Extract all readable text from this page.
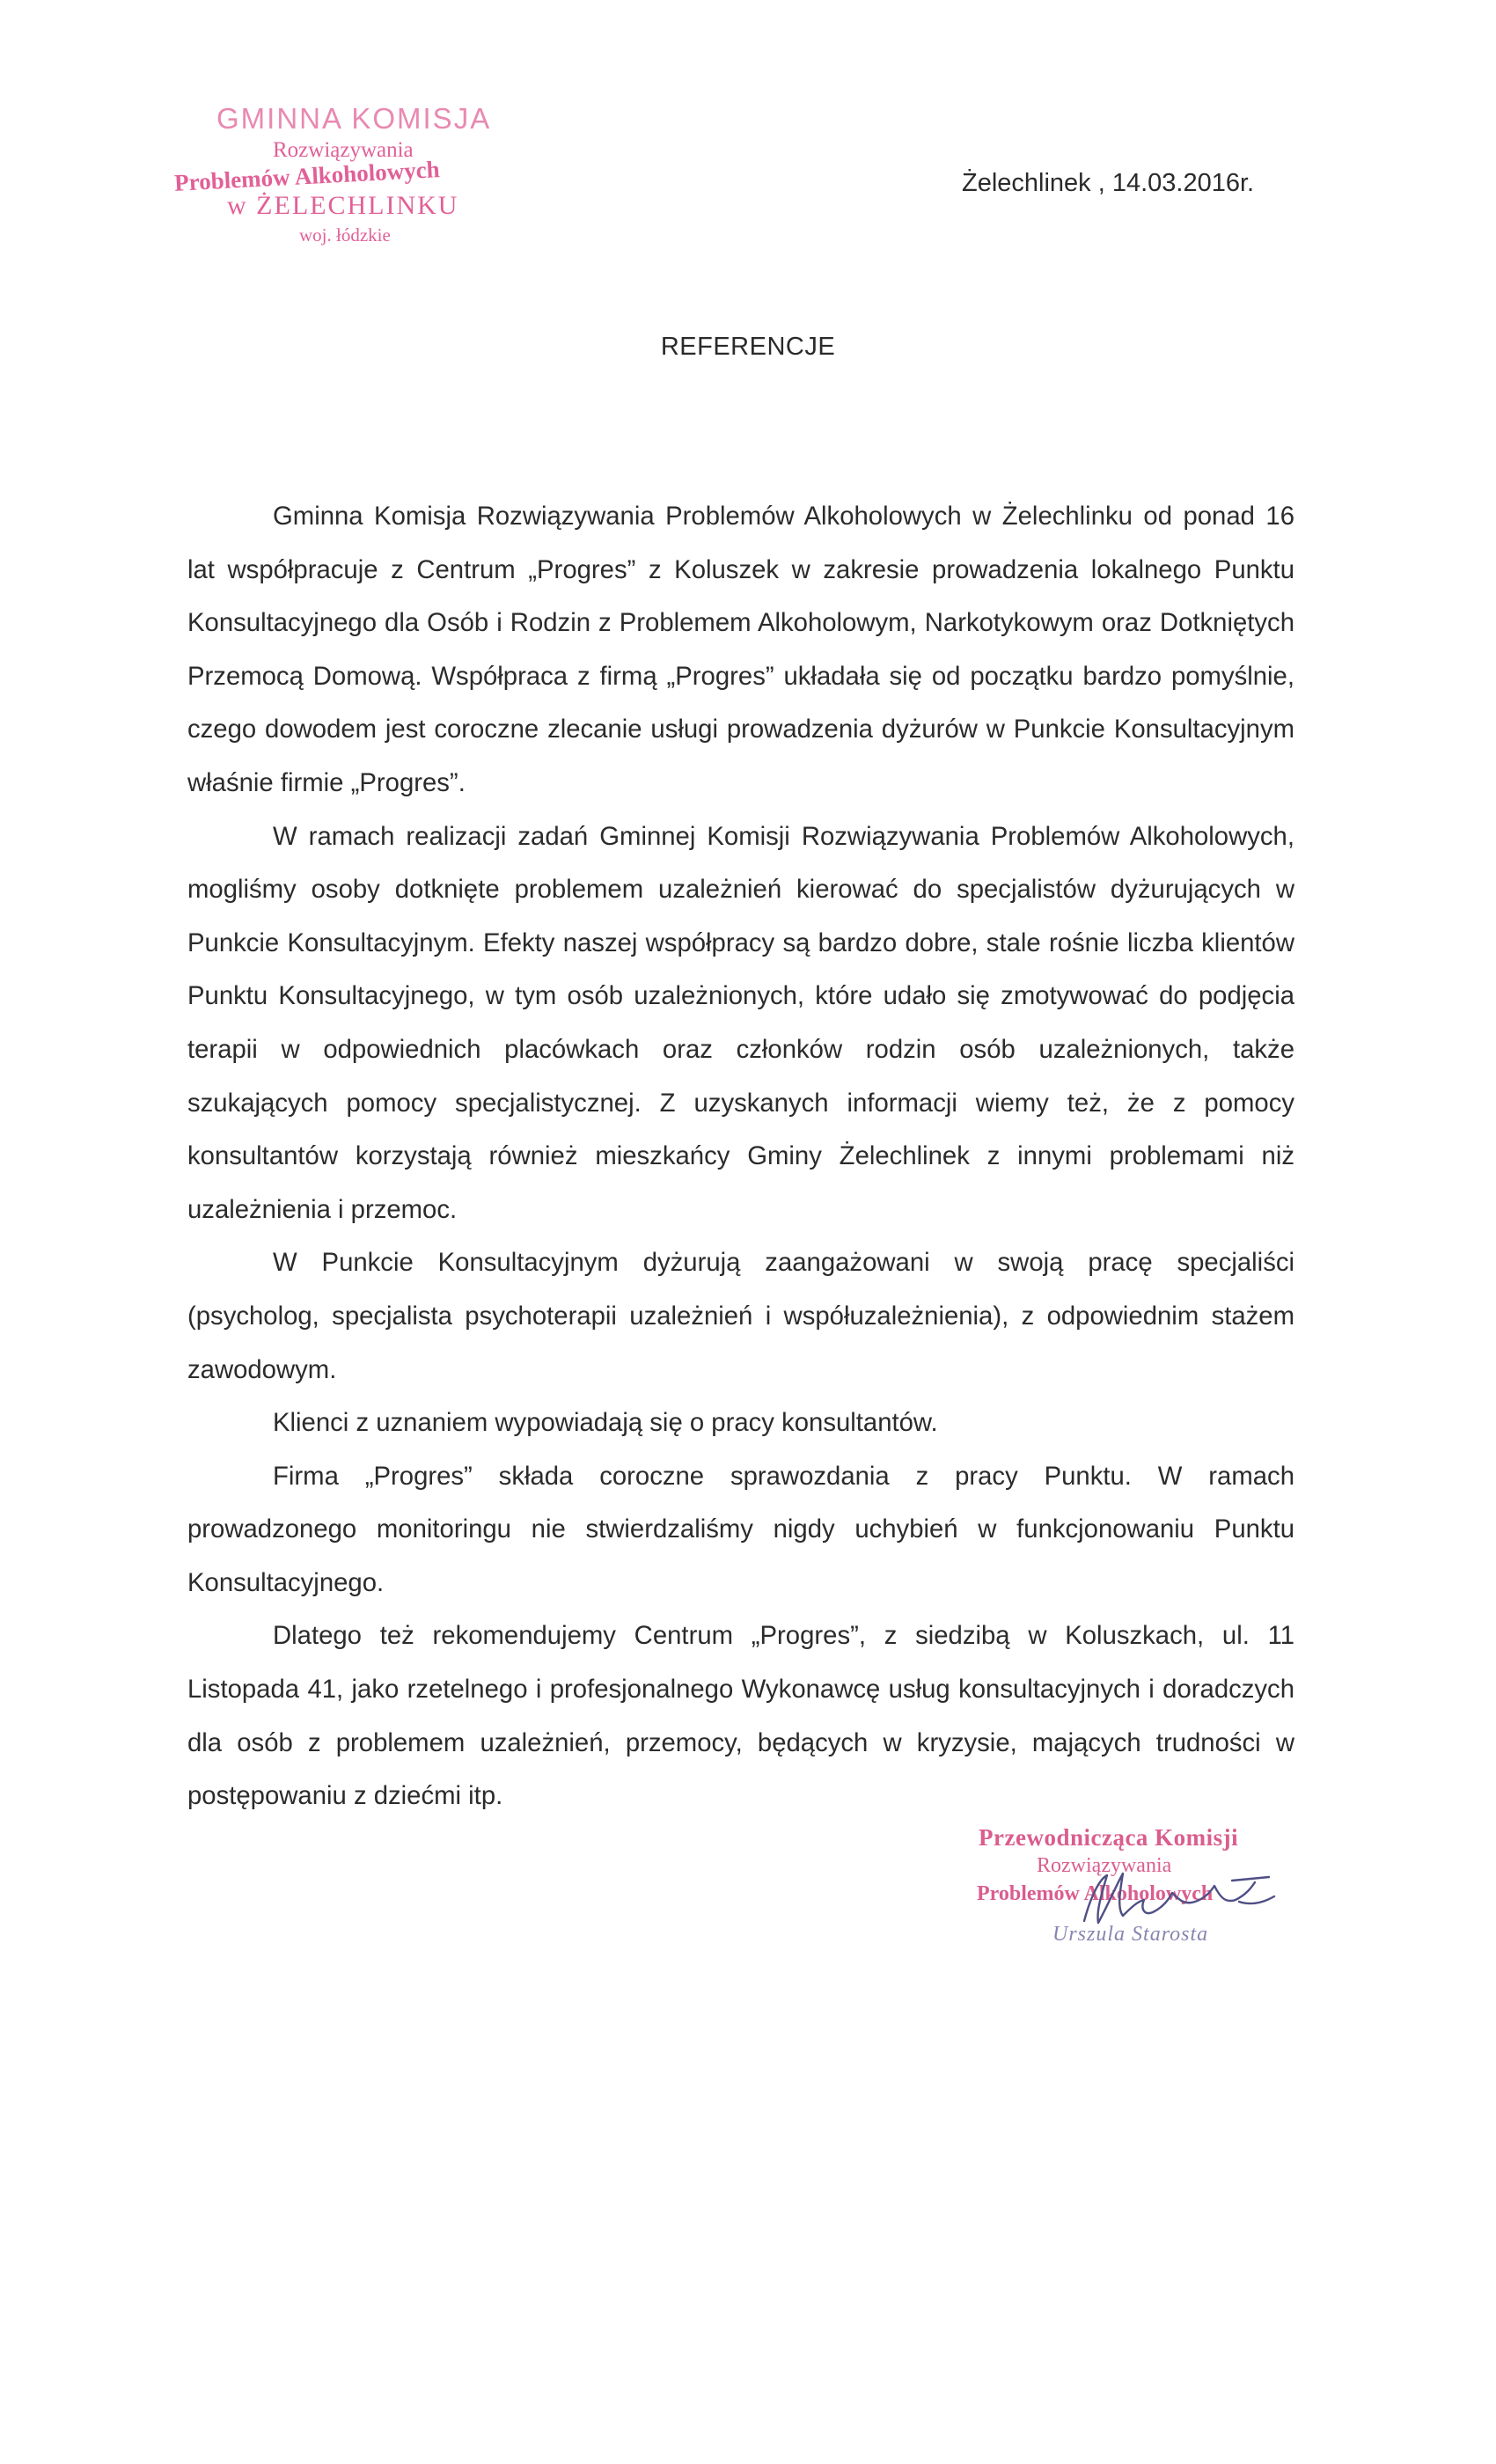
GMINNA KOMISJA
Rozwiązywania
Problemów Alkoholowych
w ŻELECHLINKU
woj. łódzkie
Żelechlinek , 14.03.2016r.
REFERENCJE

Gminna Komisja Rozwiązywania Problemów Alkoholowych w Żelechlinku od ponad 16 lat współpracuje z Centrum „Progres” z Koluszek w zakresie prowadzenia lokalnego Punktu Konsultacyjnego dla Osób i Rodzin z Problemem Alkoholowym, Narkotykowym oraz Dotkniętych Przemocą Domową. Współpraca z firmą „Progres” układała się od początku bardzo pomyślnie, czego dowodem jest coroczne zlecanie usługi prowadzenia dyżurów w Punkcie Konsultacyjnym właśnie firmie „Progres”.

W ramach realizacji zadań Gminnej Komisji Rozwiązywania Problemów Alkoholowych, mogliśmy osoby dotknięte problemem uzależnień kierować do specjalistów dyżurujących w Punkcie Konsultacyjnym. Efekty naszej współpracy są bardzo dobre, stale rośnie liczba klientów Punktu Konsultacyjnego, w tym osób uzależnionych, które udało się zmotywować do podjęcia terapii w odpowiednich placówkach oraz członków rodzin osób uzależnionych, także szukających pomocy specjalistycznej. Z uzyskanych informacji wiemy też, że z pomocy konsultantów korzystają również mieszkańcy Gminy Żelechlinek z innymi problemami niż uzależnienia i przemoc.

W Punkcie Konsultacyjnym dyżurują zaangażowani w swoją pracę specjaliści (psycholog, specjalista psychoterapii uzależnień i współuzależnienia), z odpowiednim stażem zawodowym.

Klienci z uznaniem wypowiadają się o pracy konsultantów.

Firma „Progres” składa coroczne sprawozdania z pracy Punktu. W ramach prowadzonego monitoringu nie stwierdzaliśmy nigdy uchybień w funkcjonowaniu Punktu Konsultacyjnego.

Dlatego też rekomendujemy Centrum „Progres”, z siedzibą w Koluszkach, ul. 11 Listopada 41, jako rzetelnego i profesjonalnego Wykonawcę usług konsultacyjnych i doradczych dla osób z problemem uzależnień, przemocy, będących w kryzysie, mających trudności w postępowaniu z dziećmi itp.

Przewodnicząca Komisji
Rozwiązywania
Problemów Alkoholowych
Urszula Starosta
